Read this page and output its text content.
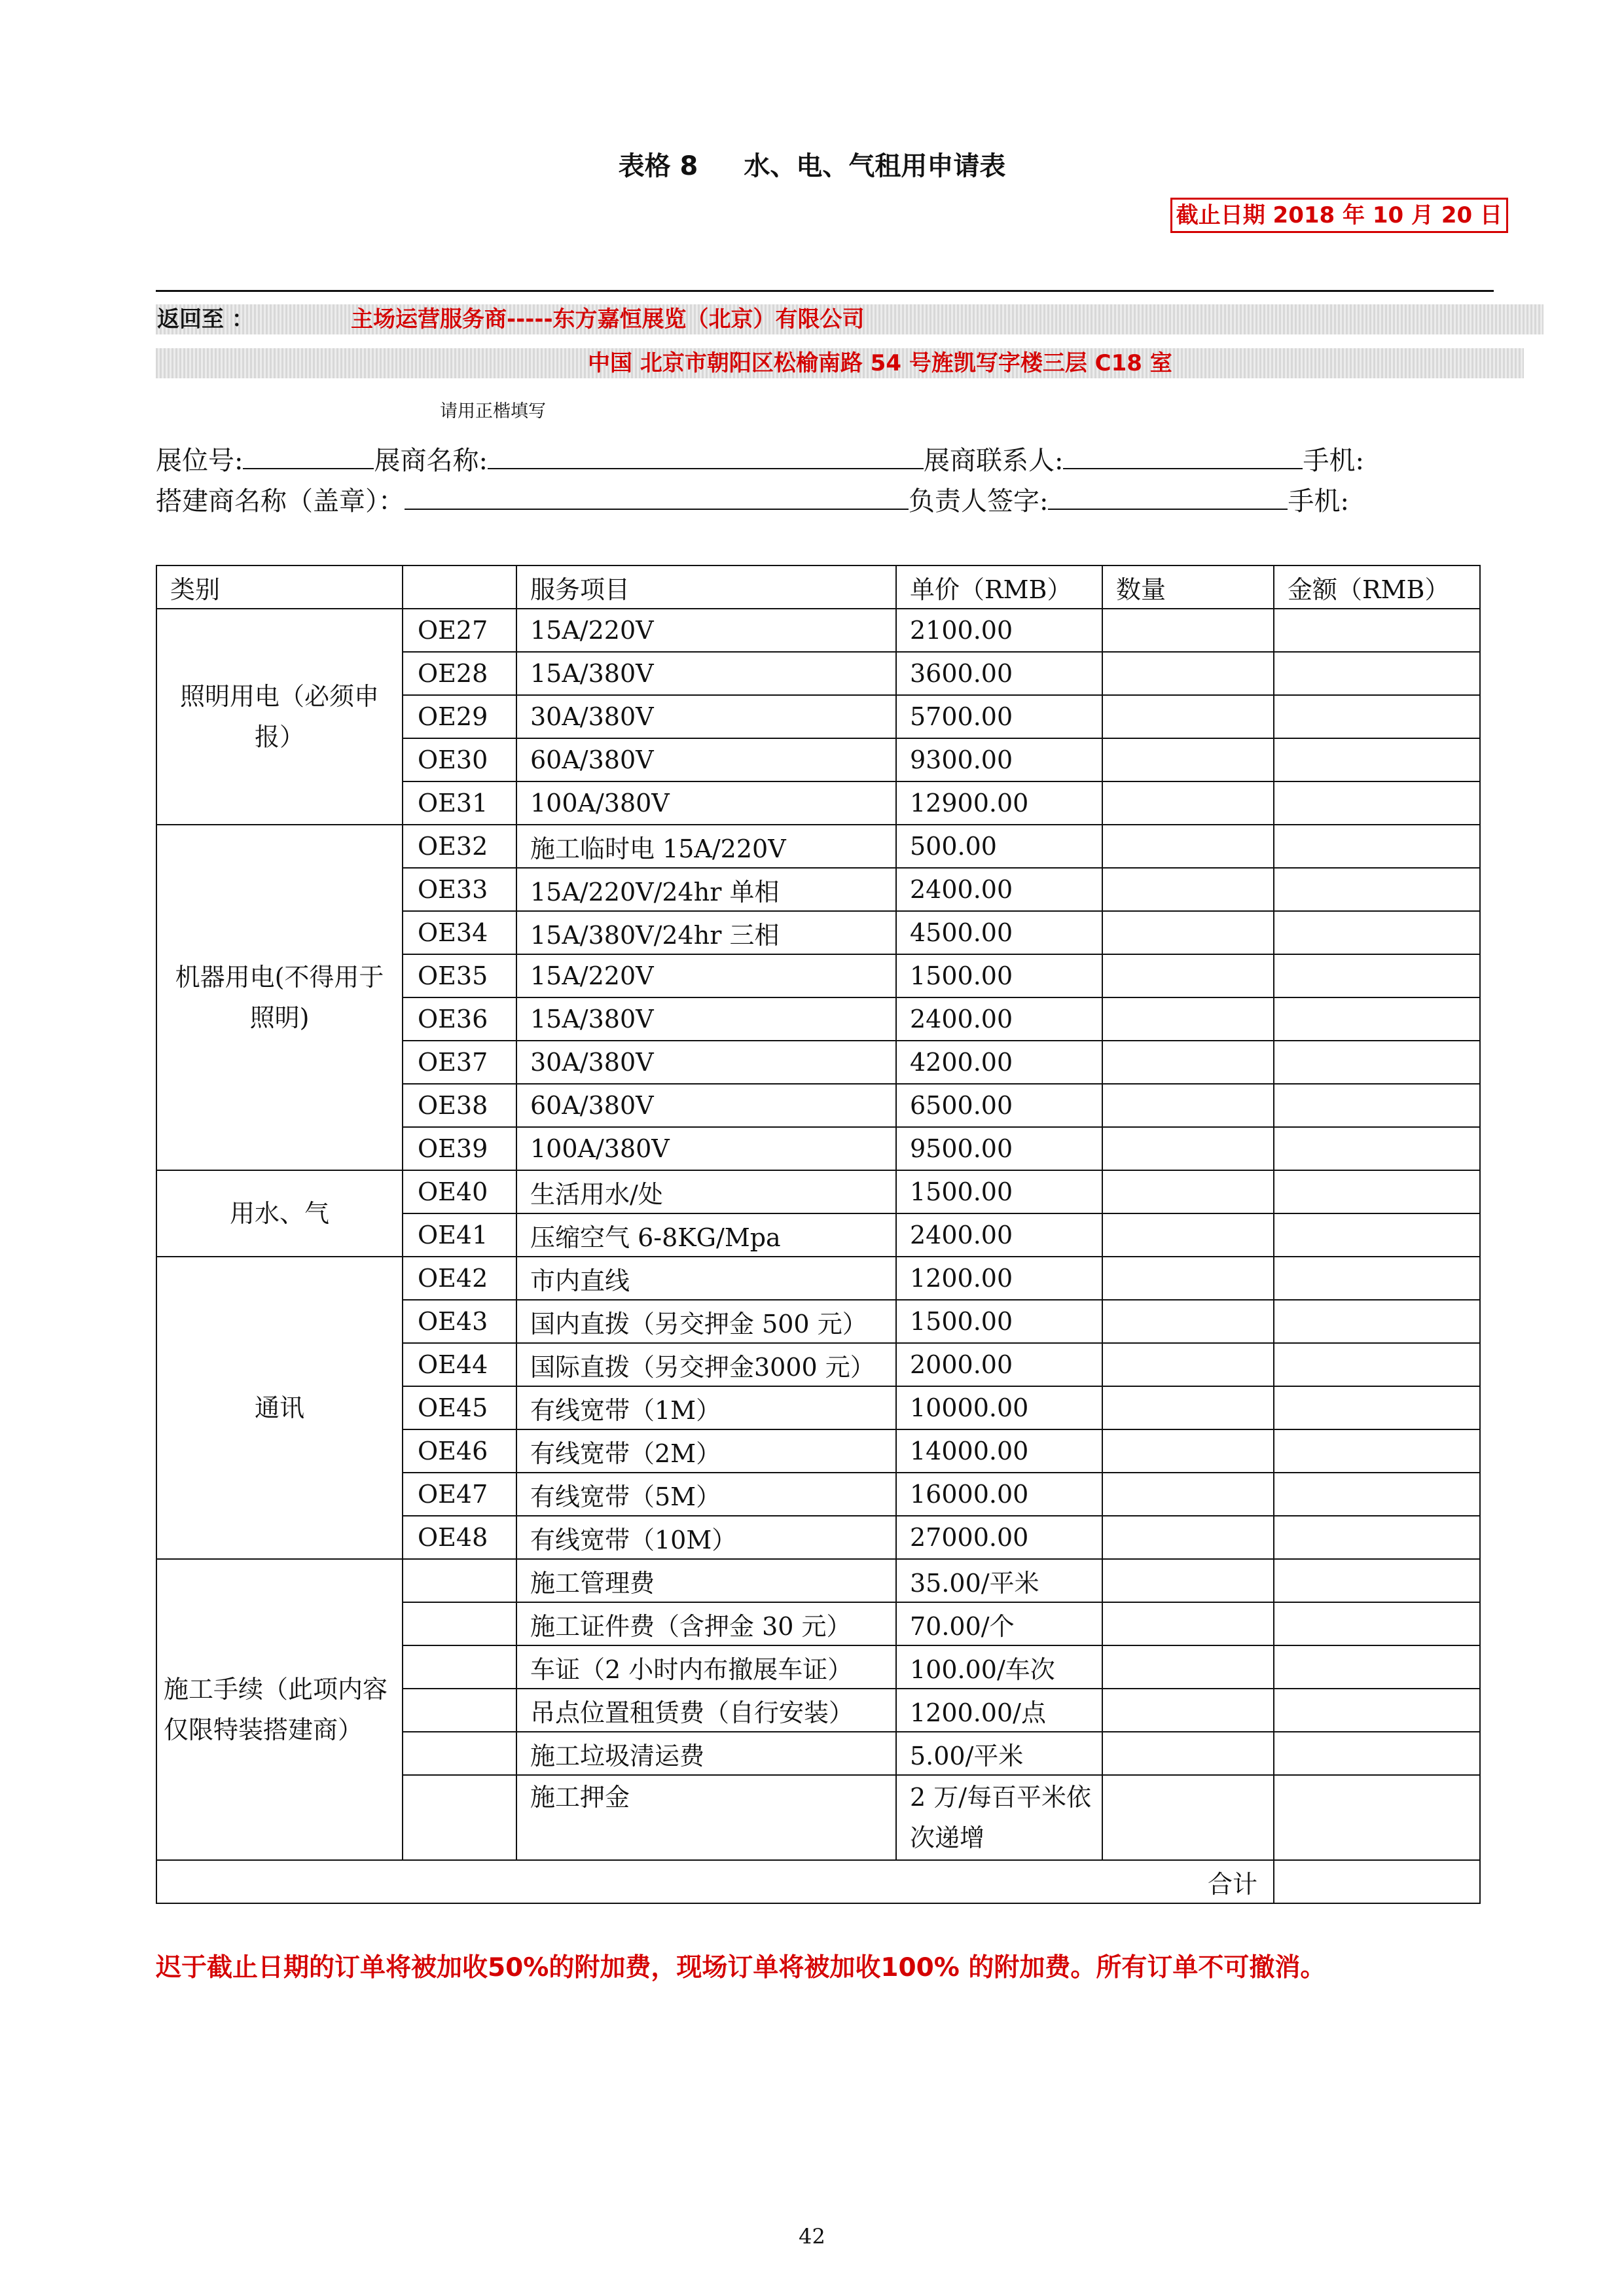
表格 8 水、电、气租用申请表
截止日期 2018 年 10 月 20 日
返回至 ：	主场运营服务商-----东方嘉恒展览（北京）有限公司
中国 北京市朝阳区松榆南路 54 号旌凯写字楼三层 C18 室
请用正楷填写
展位号:	展商名称:	展商联系人:	手机:
搭建商名称（盖章）：	负责人签字:	手机:
类别		服务项目	单价（RMB）	数量	金额（RMB）
照明用电（必须申报）	OE27	15A/220V	2100.00		
	OE28	15A/380V	3600.00		
	OE29	30A/380V	5700.00		
	OE30	60A/380V	9300.00		
	OE31	100A/380V	12900.00		
机器用电(不得用于照明)	OE32	施工临时电 15A/220V	500.00		
	OE33	15A/220V/24hr 单相	2400.00		
	OE34	15A/380V/24hr 三相	4500.00		
	OE35	15A/220V	1500.00		
	OE36	15A/380V	2400.00		
	OE37	30A/380V	4200.00		
	OE38	60A/380V	6500.00		
	OE39	100A/380V	9500.00		
用水、气	OE40	生活用水/处	1500.00		
	OE41	压缩空气 6-8KG/Mpa	2400.00		
通讯	OE42	市内直线	1200.00		
	OE43	国内直拨（另交押金 500 元）	1500.00		
	OE44	国际直拨（另交押金3000 元）	2000.00		
	OE45	有线宽带（1M）	10000.00		
	OE46	有线宽带（2M）	14000.00		
	OE47	有线宽带（5M）	16000.00		
	OE48	有线宽带（10M）	27000.00		
施工手续（此项内容仅限特装搭建商）		施工管理费	35.00/平米		
		施工证件费（含押金 30 元）	70.00/个		
		车证（2 小时内布撤展车证）	100.00/车次		
		吊点位置租赁费（自行安装）	1200.00/点		
		施工垃圾清运费	5.00/平米		
		施工押金	2 万/每百平米依次递增		
合计					
迟于截止日期的订单将被加收50%的附加费，现场订单将被加收100% 的附加费。所有订单不可撤消。
42
